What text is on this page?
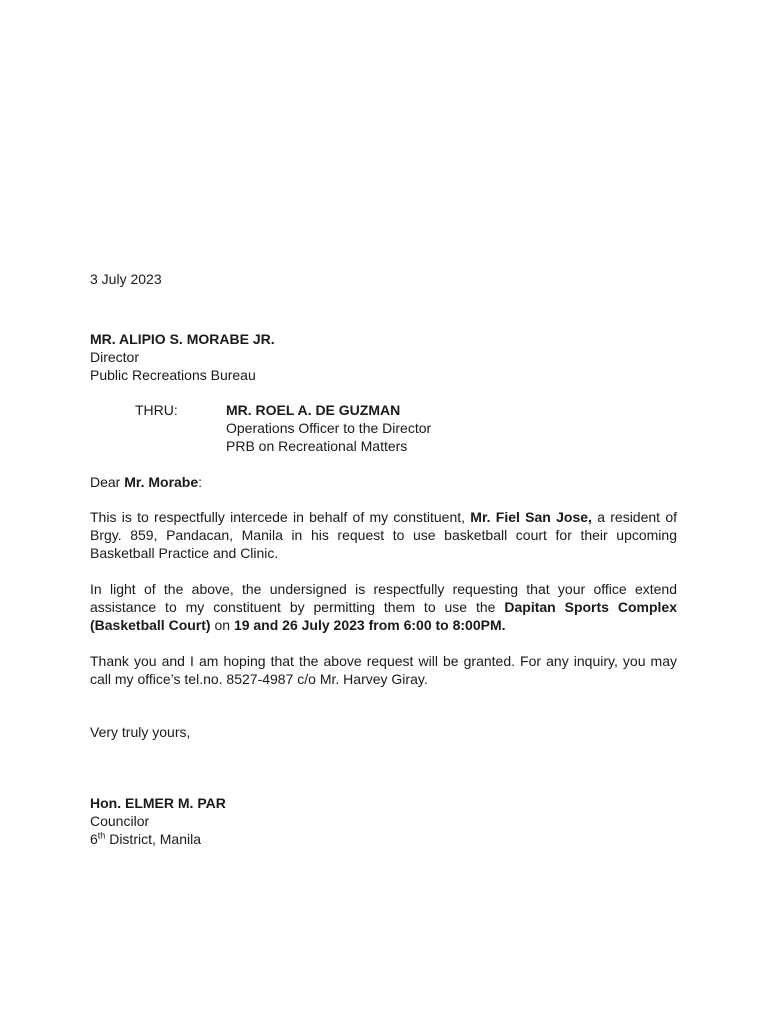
3 July 2023
MR. ALIPIO S. MORABE JR.
Director
Public Recreations Bureau
THRU:	MR. ROEL A. DE GUZMAN
Operations Officer to the Director
PRB on Recreational Matters
Dear Mr. Morabe:
This is to respectfully intercede in behalf of my constituent, Mr. Fiel San Jose, a resident of Brgy. 859, Pandacan, Manila in his request to use basketball court for their upcoming Basketball Practice and Clinic.
In light of the above, the undersigned is respectfully requesting that your office extend assistance to my constituent by permitting them to use the Dapitan Sports Complex (Basketball Court) on 19 and 26 July 2023 from 6:00 to 8:00PM.
Thank you and I am hoping that the above request will be granted. For any inquiry, you may call my office’s tel.no. 8527-4987 c/o Mr. Harvey Giray.
Very truly yours,
Hon. ELMER M. PAR
Councilor
6th District, Manila
